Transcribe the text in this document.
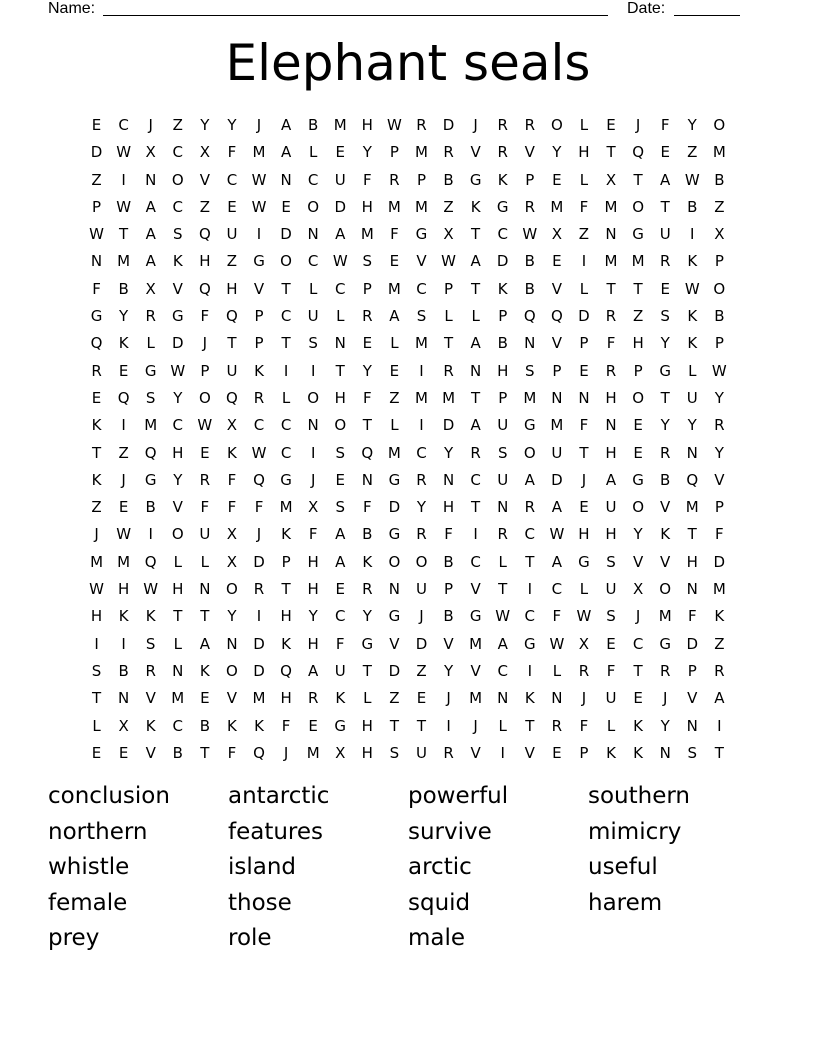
Name:	Date:
Elephant seals
E	C	J	Z	Y	Y	J	A	B	M H W R	D	J	R	R	O	L	E	J	F	Y	O
D W X	C	X	F	M	A	L	E	Y	P	M	R	V	R	V	Y	H	T	Q	E	Z	M
Z	I	N	O	V	C W N	C	U	F	R	P	B	G	K	P	E	L	X	T	A W B
P	W A	C	Z	E W E	O	D	H M M	Z	K	G	R	M	F	M O	T	B	Z
W	T	A	S	Q	U	I	D	N	A	M	F	G	X	T	C W X	Z	N	G	U	I	X
N M	A	K	H	Z	G	O	C W S	E	V W A	D	B	E	I	M M	R	K	P
F	B	X	V	Q	H	V	T	L	C	P	M	C	P	T	K	B	V	L	T	T	E W O
G	Y	R	G	F	Q	P	C	U	L	R	A	S	L	L	P	Q	Q	D	R	Z	S	K	B
Q	K	L	D	J	T	P	T	S	N	E	L	M	T	A	B	N	V	P	F	H	Y	K	P
R	E	G W	P	U	K	I	I	T	Y	E	I	R	N	H	S	P	E	R	P	G	L	W
E	Q	S	Y	O	Q	R	L	O	H	F	Z	M M	T	P	M N	N	H	O	T	U	Y
K	I	M	C W X	C	C	N	O	T	L	I	D	A	U	G M	F	N	E	Y	Y	R
T	Z	Q	H	E	K W C	I	S	Q M	C	Y	R	S	O	U	T	H	E	R	N	Y
K	J	G	Y	R	F	Q	G	J	E	N	G	R	N	C	U	A	D	J	A	G	B	Q	V
Z	E	B	V	F	F	F	M	X	S	F	D	Y	H	T	N	R	A	E	U	O	V	M	P
J	W	I	O	U	X	J	K	F	A	B	G	R	F	I	R	C W H	H	Y	K	T	F
M M Q	L	L	X	D	P	H	A	K	O	O	B	C	L	T	A	G	S	V	V	H	D
W H W H	N	O	R	T	H	E	R	N	U	P	V	T	I	C	L	U	X	O	N M
H	K	K	T	T	Y	I	H	Y	C	Y	G	J	B	G W C	F	W S	J	M	F	K
I	I	S	L	A	N	D	K	H	F	G	V	D	V	M	A	G W X	E	C	G	D	Z
S	B	R	N	K	O	D	Q	A	U	T	D	Z	Y	V	C	I	L	R	F	T	R	P	R
T	N	V	M	E	V	M H	R	K	L	Z	E	J	M N	K	N	J	U	E	J	V	A
L	X	K	C	B	K	K	F	E	G	H	T	T	I	J	L	T	R	F	L	K	Y	N	I
E	E	V	B	T	F	Q	J	M	X	H	S	U	R	V	I	V	E	P	K	K	N	S	T
conclusion
northern
whistle
female
prey
antarctic
features
island
those
role
powerful
survive
arctic
squid
male
southern
mimicry
useful
harem
